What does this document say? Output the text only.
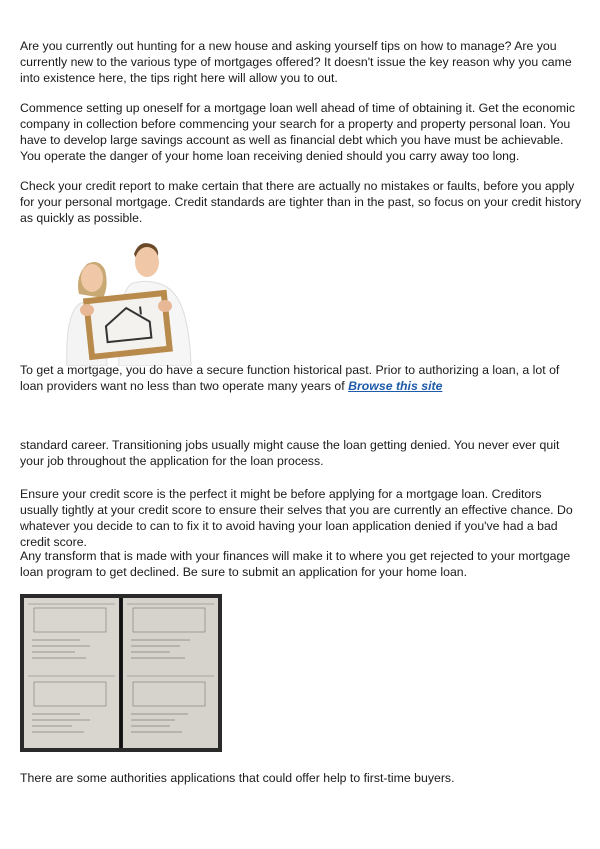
Are you currently out hunting for a new house and asking yourself tips on how to manage? Are you currently new to the various type of mortgages offered? It doesn't issue the key reason why you came into existence here, the tips right here will allow you to out.

Commence setting up oneself for a mortgage loan well ahead of time of obtaining it. Get the economic company in collection before commencing your search for a property and property personal loan. You have to develop large savings account as well as financial debt which you have must be achievable. You operate the danger of your home loan receiving denied should you carry away too long.

Check your credit report to make certain that there are actually no mistakes or faults, before you apply for your personal mortgage. Credit standards are tighter than in the past, so focus on your credit history as quickly as possible.

To get a mortgage, you do have a secure function historical past. Prior to authorizing a loan, a lot of loan providers want no less than two operate many years of Browse this site

standard career. Transitioning jobs usually might cause the loan getting denied. You never ever quit your job throughout the application for the loan process.

Ensure your credit score is the perfect it might be before applying for a mortgage loan. Creditors usually tightly at your credit score to ensure their selves that you are currently an effective chance. Do whatever you decide to can to fix it to avoid having your loan application denied if you've had a bad credit score.

Any transform that is made with your finances will make it to where you get rejected to your mortgage loan program to get declined. Be sure to submit an application for your home loan.

There are some authorities applications that could offer help to first-time buyers.
